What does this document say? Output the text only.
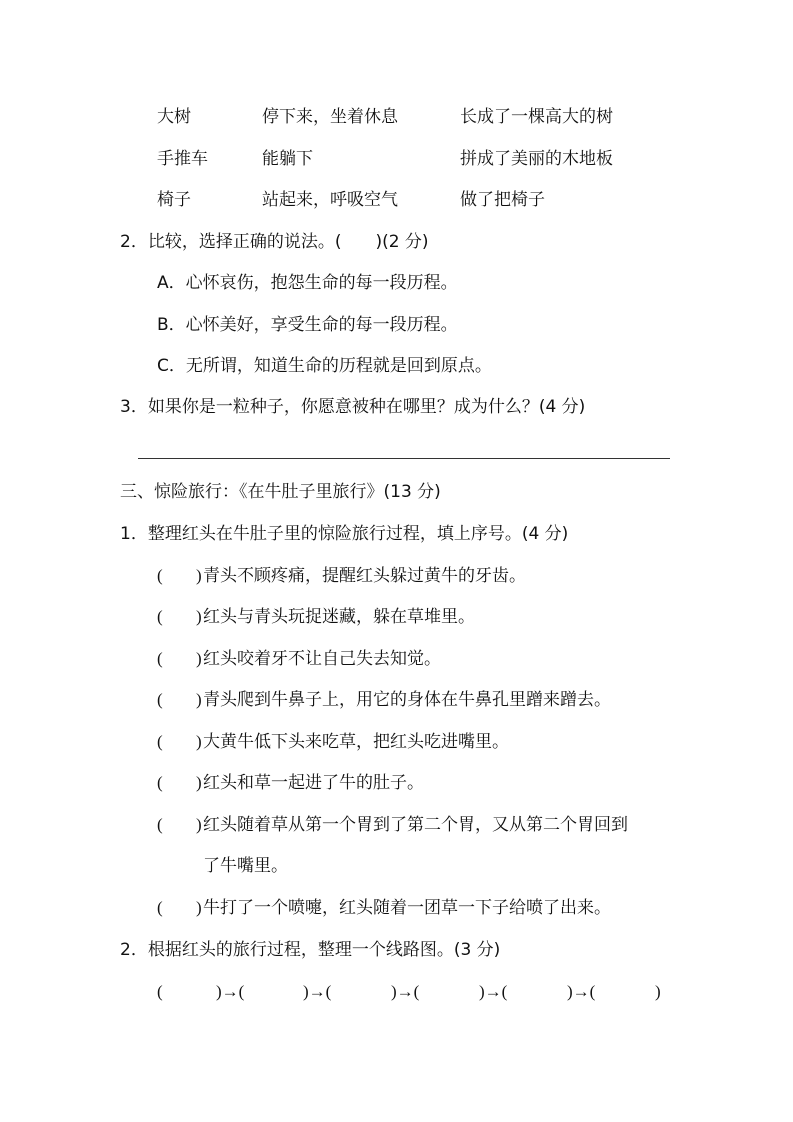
大树	停下来，坐着休息	长成了一棵高大的树
手推车	能躺下	拼成了美丽的木地板
椅子	站起来，呼吸空气	做了把椅子
2．比较，选择正确的说法。(　　)(2 分)
A．心怀哀伤，抱怨生命的每一段历程。
B．心怀美好，享受生命的每一段历程。
C．无所谓，知道生命的历程就是回到原点。
3．如果你是一粒种子，你愿意被种在哪里？成为什么？(4 分)
三、惊险旅行：《在牛肚子里旅行》(13 分)
1．整理红头在牛肚子里的惊险旅行过程，填上序号。(4 分)
( ) 青头不顾疼痛，提醒红头躲过黄牛的牙齿。
( ) 红头与青头玩捉迷藏，躲在草堆里。
( ) 红头咬着牙不让自己失去知觉。
( ) 青头爬到牛鼻子上，用它的身体在牛鼻孔里蹭来蹭去。
( ) 大黄牛低下头来吃草，把红头吃进嘴里。
( ) 红头和草一起进了牛的肚子。
( ) 红头随着草从第一个胃到了第二个胃，又从第二个胃回到
了牛嘴里。
( ) 牛打了一个喷嚏，红头随着一团草一下子给喷了出来。
2．根据红头的旅行过程，整理一个线路图。(3 分)
(	)→(	)→(	)→(	)→(	)→(	)
